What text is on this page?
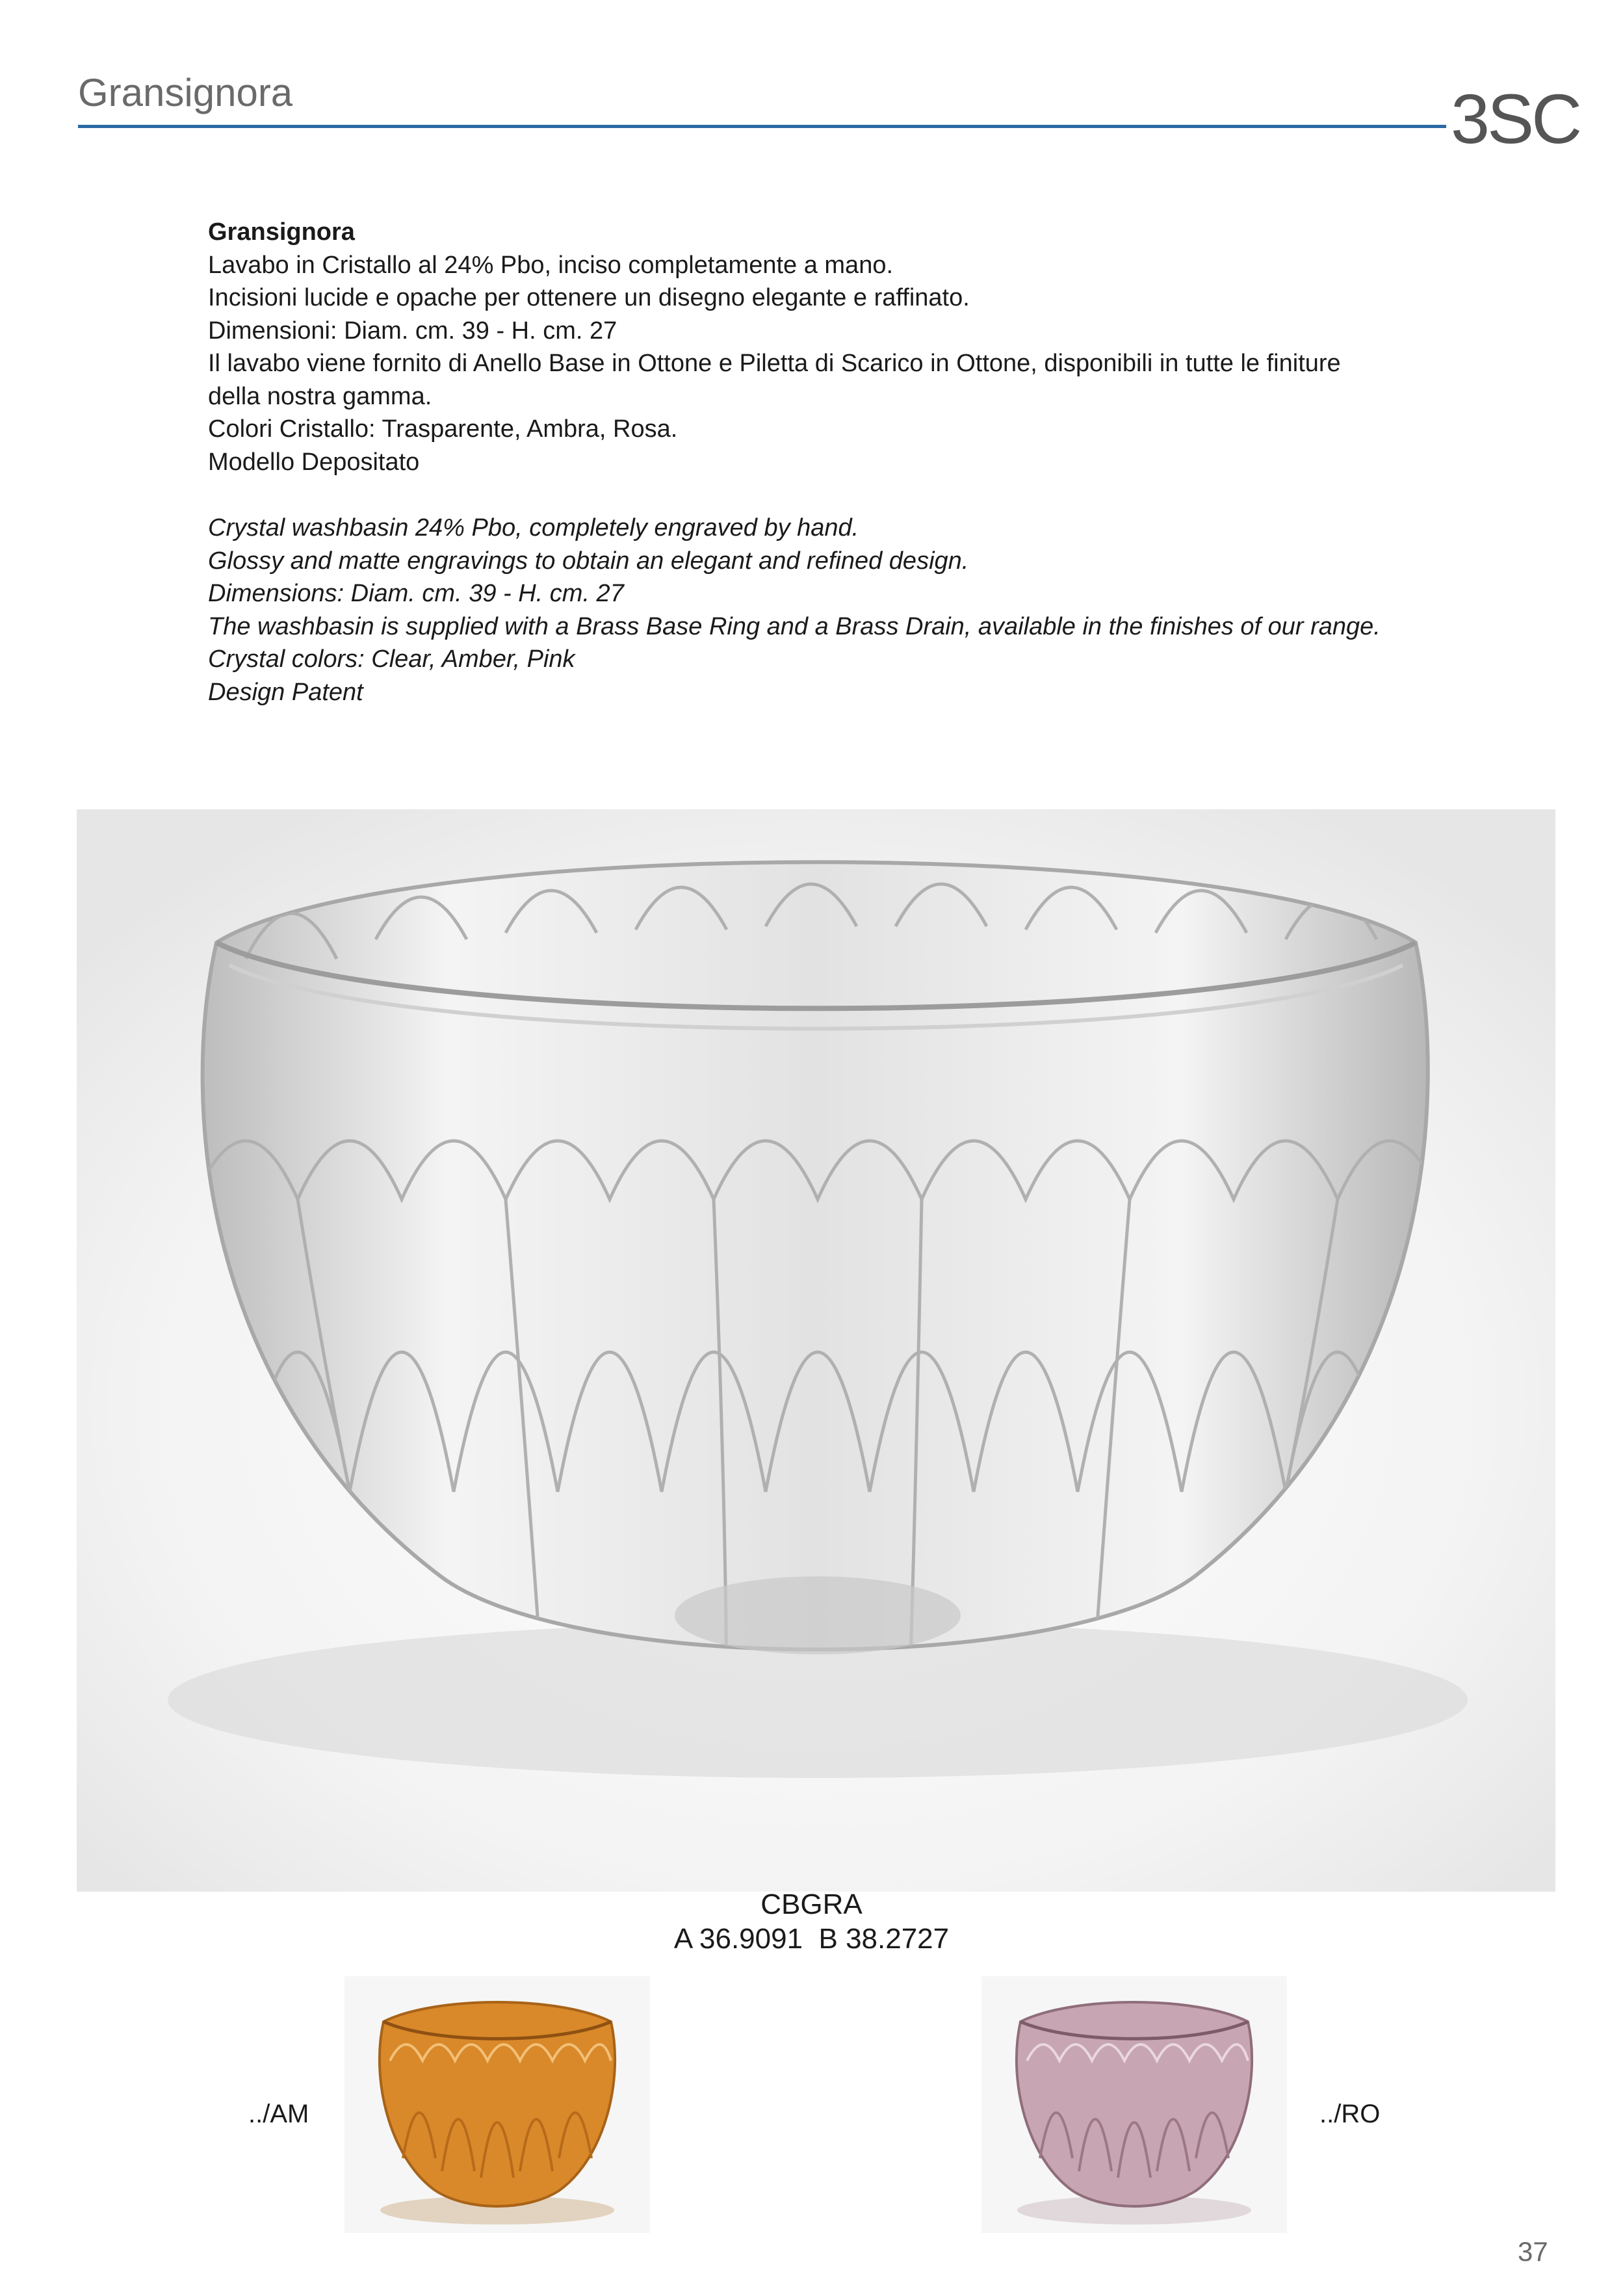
Gransignora	3SC
Gransignora
Lavabo in Cristallo al 24% Pbo, inciso completamente a mano.
Incisioni lucide e opache per ottenere un disegno elegante e raffinato.
Dimensioni: Diam. cm. 39 - H. cm. 27
Il lavabo viene fornito di Anello Base in Ottone e Piletta di Scarico in Ottone, disponibili in tutte le finiture della nostra gamma.
Colori Cristallo: Trasparente, Ambra, Rosa.
Modello Depositato
Crystal washbasin 24% Pbo, completely engraved by hand.
Glossy and matte engravings to obtain an elegant and refined design.
Dimensions: Diam. cm. 39 - H. cm. 27
The washbasin is supplied with a Brass Base Ring and a Brass Drain, available in the finishes of our range.
Crystal colors: Clear, Amber, Pink
Design Patent
CBGRA
A 36.9091  B 38.2727
../AM	../RO
37
